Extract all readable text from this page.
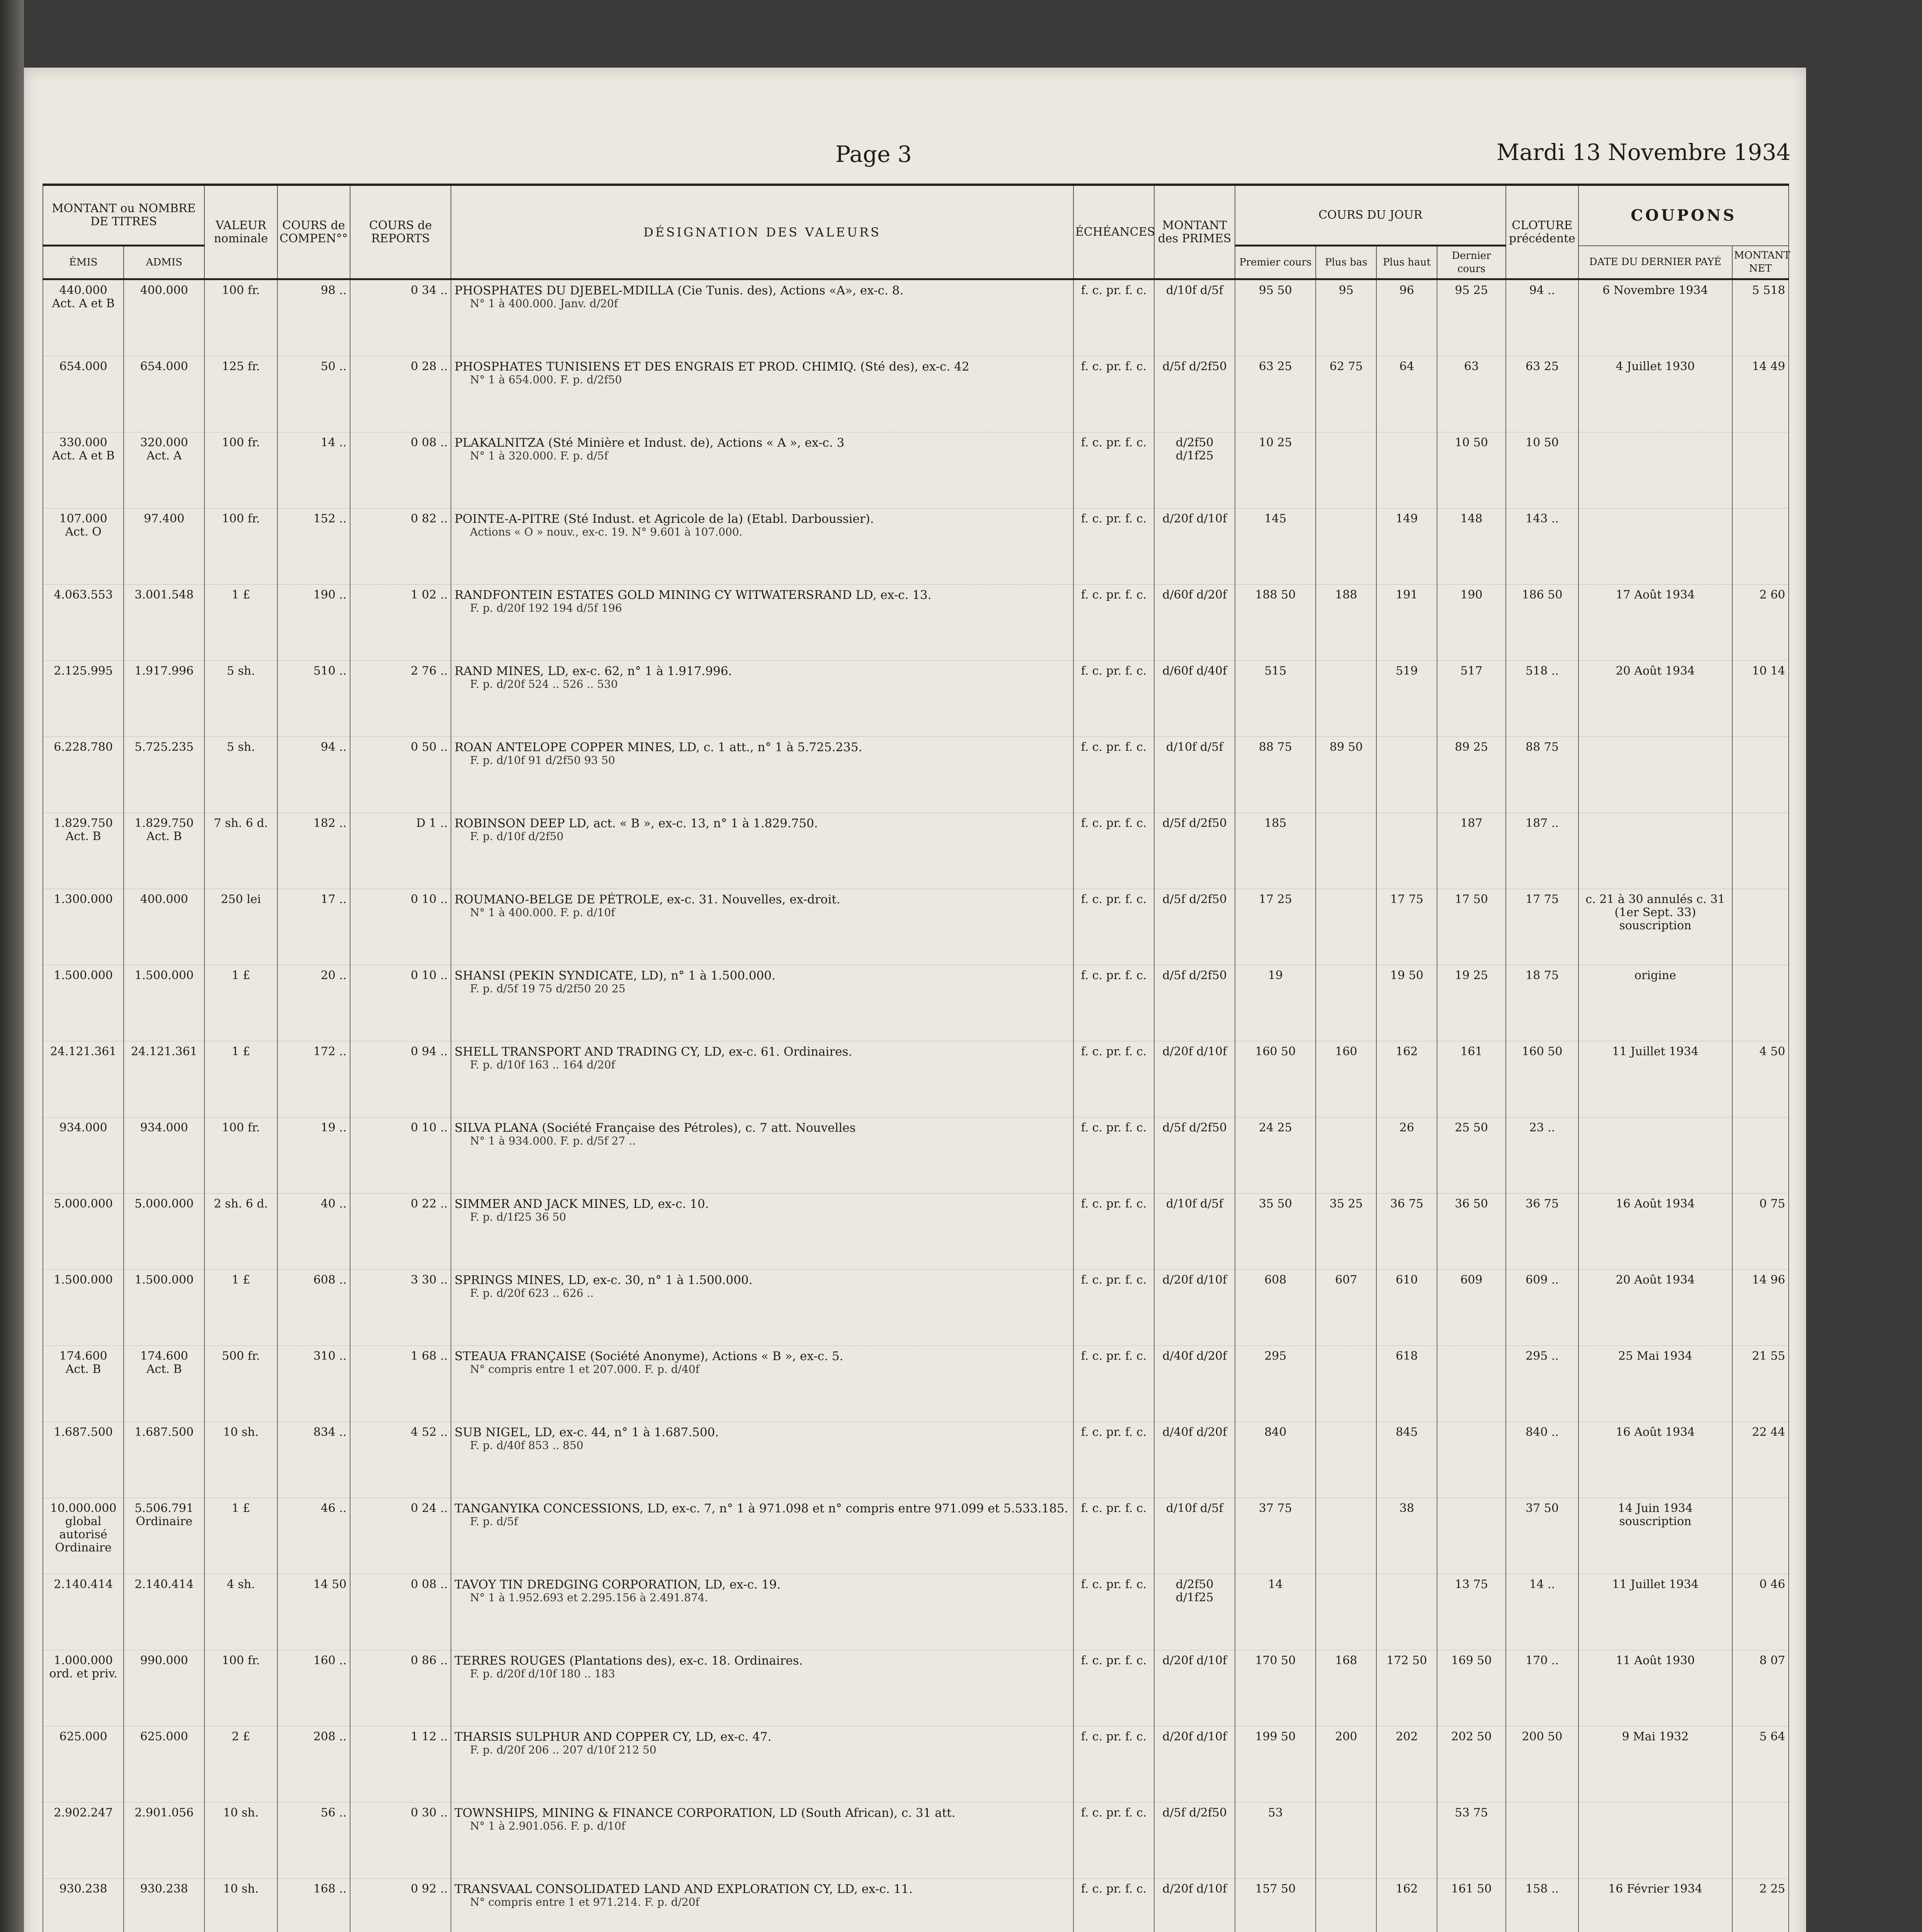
Page 3	Mardi 13 Novembre 1934
MONTANT ou NOMBRE DE TITRES		VALEUR nominale	COURS de COMPEN°°	COURS de REPORTS	DÉSIGNATION DES VALEURS	ÉCHÉANCES	MONTANT des PRIMES	COURS DU JOUR				CLOTURE précédente	COUPONS	
ÉMIS	ADMIS							Premier cours	Plus bas	Plus haut	Dernier cours		DATE DU DERNIER PAYÉ	MONTANT NET
440.000 Act. A et B	400.000	100 fr.	98 ..	0 34 ..	PHOSPHATES DU DJEBEL-MDILLA (Cie Tunis. des), Actions «A», ex-c. 8.
N° 1 à 400.000. Janv. d/20f	f. c. pr. f. c.	d/10f d/5f	95 50	95	96	95 25	94 ..	6 Novembre 1934	5 518
654.000	654.000	125 fr.	50 ..	0 28 ..	PHOSPHATES TUNISIENS ET DES ENGRAIS ET PROD. CHIMIQ. (Sté des), ex-c. 42
N° 1 à 654.000. F. p. d/2f50	f. c. pr. f. c.	d/5f d/2f50	63 25	62 75	64	63	63 25	4 Juillet 1930	14 49
330.000 Act. A et B	320.000 Act. A	100 fr.	14 ..	0 08 ..	PLAKALNITZA (Sté Minière et Indust. de), Actions « A », ex-c. 3
N° 1 à 320.000. F. p. d/5f	f. c. pr. f. c.	d/2f50 d/1f25	10 25			10 50	10 50		
107.000 Act. O	97.400	100 fr.	152 ..	0 82 ..	POINTE-A-PITRE (Sté Indust. et Agricole de la) (Etabl. Darboussier).
Actions « O » nouv., ex-c. 19. N° 9.601 à 107.000.	f. c. pr. f. c.	d/20f d/10f	145		149	148	143 ..		
4.063.553	3.001.548	1 £	190 ..	1 02 ..	RANDFONTEIN ESTATES GOLD MINING CY WITWATERSRAND LD, ex-c. 13.
F. p. d/20f 192 194 d/5f 196	f. c. pr. f. c.	d/60f d/20f	188 50	188	191	190	186 50	17 Août 1934	2 60
2.125.995	1.917.996	5 sh.	510 ..	2 76 ..	RAND MINES, LD, ex-c. 62, n° 1 à 1.917.996.
F. p. d/20f 524 .. 526 .. 530	f. c. pr. f. c.	d/60f d/40f	515		519	517	518 ..	20 Août 1934	10 14
6.228.780	5.725.235	5 sh.	94 ..	0 50 ..	ROAN ANTELOPE COPPER MINES, LD, c. 1 att., n° 1 à 5.725.235.
F. p. d/10f 91 d/2f50 93 50	f. c. pr. f. c.	d/10f d/5f	88 75	89 50		89 25	88 75		
1.829.750 Act. B	1.829.750 Act. B	7 sh. 6 d.	182 ..	D 1 ..	ROBINSON DEEP LD, act. « B », ex-c. 13, n° 1 à 1.829.750.
F. p. d/10f d/2f50	f. c. pr. f. c.	d/5f d/2f50	185			187	187 ..		
1.300.000	400.000	250 lei	17 ..	0 10 ..	ROUMANO-BELGE DE PÉTROLE, ex-c. 31. Nouvelles, ex-droit.
N° 1 à 400.000. F. p. d/10f	f. c. pr. f. c.	d/5f d/2f50	17 25		17 75	17 50	17 75	c. 21 à 30 annulés c. 31 (1er Sept. 33) souscription	
1.500.000	1.500.000	1 £	20 ..	0 10 ..	SHANSI (PEKIN SYNDICATE, LD), n° 1 à 1.500.000.
F. p. d/5f 19 75 d/2f50 20 25	f. c. pr. f. c.	d/5f d/2f50	19		19 50	19 25	18 75	origine	
24.121.361	24.121.361	1 £	172 ..	0 94 ..	SHELL TRANSPORT AND TRADING CY, LD, ex-c. 61. Ordinaires.
F. p. d/10f 163 .. 164 d/20f	f. c. pr. f. c.	d/20f d/10f	160 50	160	162	161	160 50	11 Juillet 1934	4 50
934.000	934.000	100 fr.	19 ..	0 10 ..	SILVA PLANA (Société Française des Pétroles), c. 7 att. Nouvelles
N° 1 à 934.000. F. p. d/5f 27 ..	f. c. pr. f. c.	d/5f d/2f50	24 25		26	25 50	23 ..		
5.000.000	5.000.000	2 sh. 6 d.	40 ..	0 22 ..	SIMMER AND JACK MINES, LD, ex-c. 10.
F. p. d/1f25 36 50	f. c. pr. f. c.	d/10f d/5f	35 50	35 25	36 75	36 50	36 75	16 Août 1934	0 75
1.500.000	1.500.000	1 £	608 ..	3 30 ..	SPRINGS MINES, LD, ex-c. 30, n° 1 à 1.500.000.
F. p. d/20f 623 .. 626 ..	f. c. pr. f. c.	d/20f d/10f	608	607	610	609	609 ..	20 Août 1934	14 96
174.600 Act. B	174.600 Act. B	500 fr.	310 ..	1 68 ..	STEAUA FRANÇAISE (Société Anonyme), Actions « B », ex-c. 5.
N° compris entre 1 et 207.000. F. p. d/40f	f. c. pr. f. c.	d/40f d/20f	295		618		295 ..	25 Mai 1934	21 55
1.687.500	1.687.500	10 sh.	834 ..	4 52 ..	SUB NIGEL, LD, ex-c. 44, n° 1 à 1.687.500.
F. p. d/40f 853 .. 850	f. c. pr. f. c.	d/40f d/20f	840		845		840 ..	16 Août 1934	22 44
10.000.000 global autorisé Ordinaire	5.506.791 Ordinaire	1 £	46 ..	0 24 ..	TANGANYIKA CONCESSIONS, LD, ex-c. 7, n° 1 à 971.098 et n° compris entre 971.099 et 5.533.185.
F. p. d/5f	f. c. pr. f. c.	d/10f d/5f	37 75		38		37 50	14 Juin 1934 souscription	
2.140.414	2.140.414	4 sh.	14 50	0 08 ..	TAVOY TIN DREDGING CORPORATION, LD, ex-c. 19.
N° 1 à 1.952.693 et 2.295.156 à 2.491.874.	f. c. pr. f. c.	d/2f50 d/1f25	14			13 75	14 ..	11 Juillet 1934	0 46
1.000.000 ord. et priv.	990.000	100 fr.	160 ..	0 86 ..	TERRES ROUGES (Plantations des), ex-c. 18. Ordinaires.
F. p. d/20f d/10f 180 .. 183	f. c. pr. f. c.	d/20f d/10f	170 50	168	172 50	169 50	170 ..	11 Août 1930	8 07
625.000	625.000	2 £	208 ..	1 12 ..	THARSIS SULPHUR AND COPPER CY, LD, ex-c. 47.
F. p. d/20f 206 .. 207 d/10f 212 50	f. c. pr. f. c.	d/20f d/10f	199 50	200	202	202 50	200 50	9 Mai 1932	5 64
2.902.247	2.901.056	10 sh.	56 ..	0 30 ..	TOWNSHIPS, MINING & FINANCE CORPORATION, LD (South African), c. 31 att.
N° 1 à 2.901.056. F. p. d/10f	f. c. pr. f. c.	d/5f d/2f50	53			53 75			
930.238	930.238	10 sh.	168 ..	0 92 ..	TRANSVAAL CONSOLIDATED LAND AND EXPLORATION CY, LD, ex-c. 11.
N° compris entre 1 et 971.214. F. p. d/20f	f. c. pr. f. c.	d/20f d/10f	157 50		162	161 50	158 ..	16 Février 1934	2 25
